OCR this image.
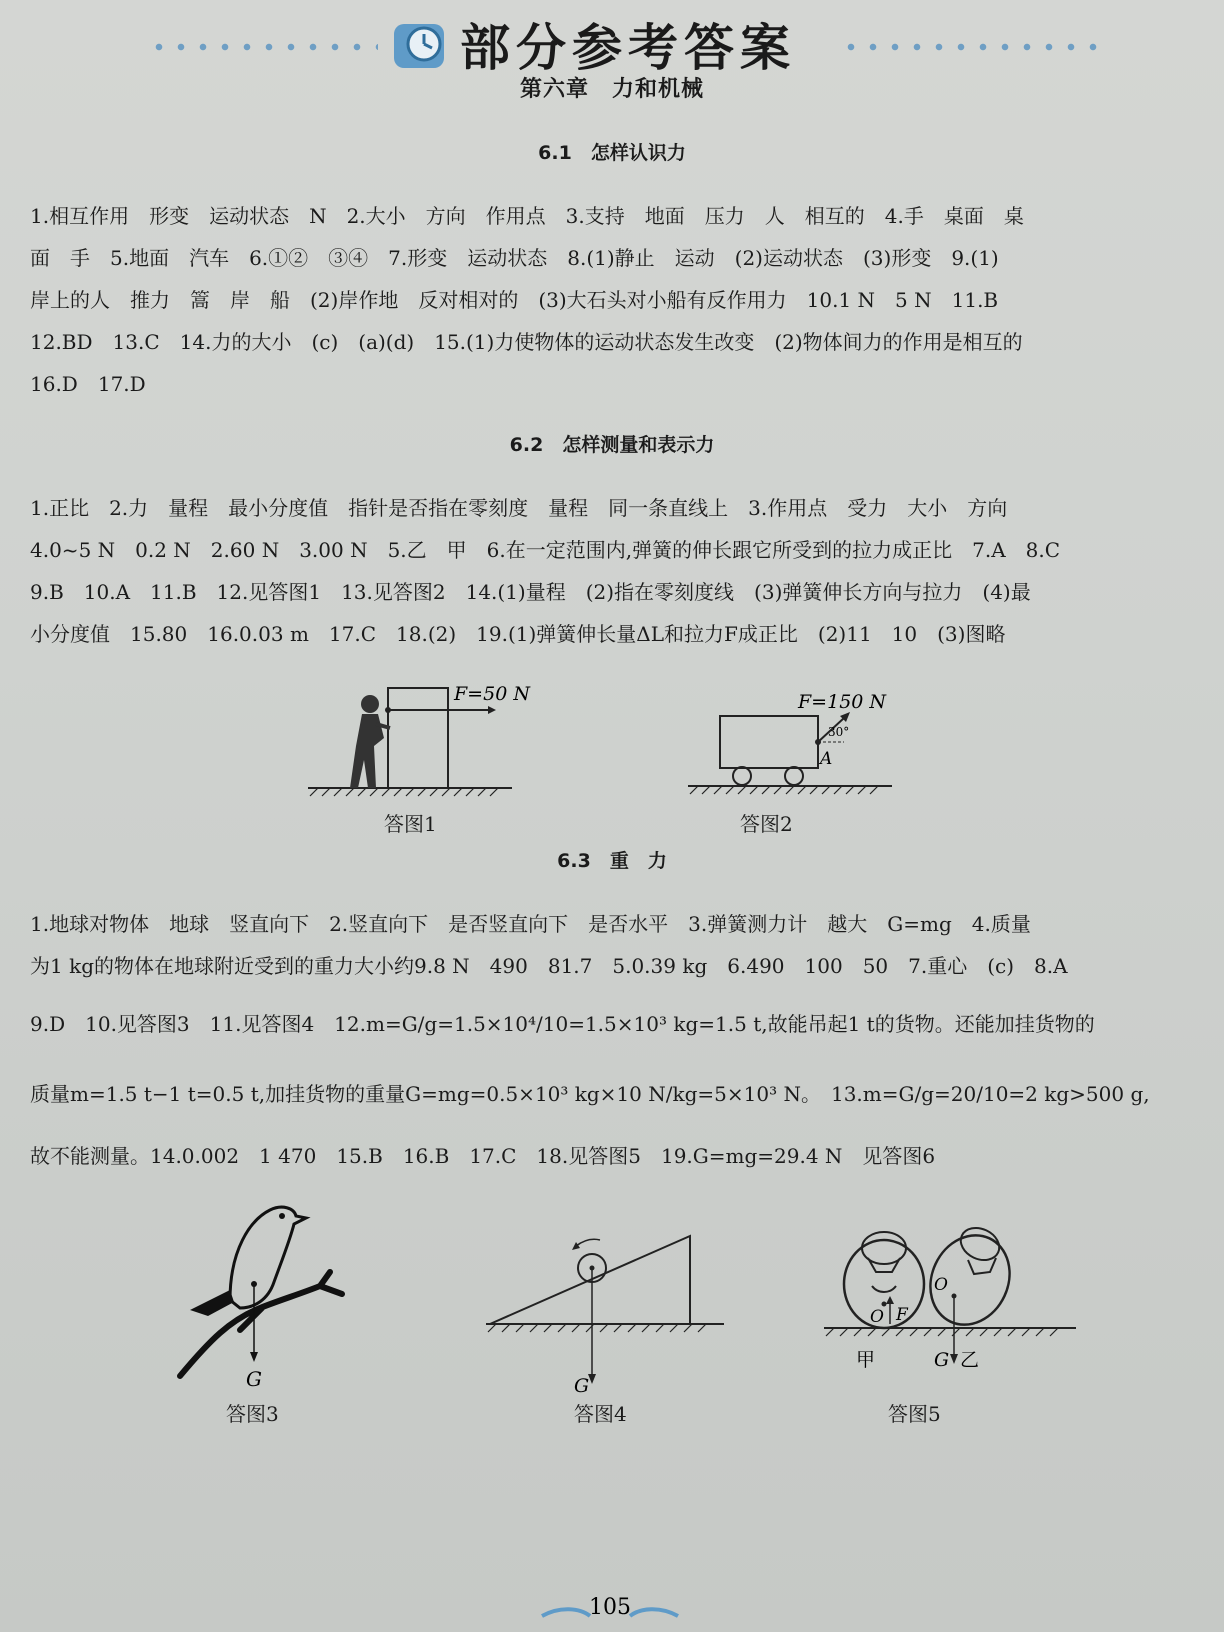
部分参考答案
第六章　力和机械
6.1　怎样认识力
1.相互作用　形变　运动状态　N　2.大小　方向　作用点　3.支持　地面　压力　人　相互的　4.手　桌面　桌
面　手　5.地面　汽车　6.①②　③④　7.形变　运动状态　8.(1)静止　运动　(2)运动状态　(3)形变　9.(1)
岸上的人　推力　篙　岸　船　(2)岸作地　反对相对的　(3)大石头对小船有反作用力　10.1 N　5 N　11.B
12.BD　13.C　14.力的大小　(c)　(a)(d)　15.(1)力使物体的运动状态发生改变　(2)物体间力的作用是相互的
16.D　17.D
6.2　怎样测量和表示力
1.正比　2.力　量程　最小分度值　指针是否指在零刻度　量程　同一条直线上　3.作用点　受力　大小　方向
4.0~5 N　0.2 N　2.60 N　3.00 N　5.乙　甲　6.在一定范围内,弹簧的伸长跟它所受到的拉力成正比　7.A　8.C
9.B　10.A　11.B　12.见答图1　13.见答图2　14.(1)量程　(2)指在零刻度线　(3)弹簧伸长方向与拉力　(4)最
小分度值　15.80　16.0.03 m　17.C　18.(2)　19.(1)弹簧伸长量ΔL和拉力F成正比　(2)11　10　(3)图略
F=50 N
答图1
A
30°
F=150 N
答图2
6.3　重　力
1.地球对物体　地球　竖直向下　2.竖直向下　是否竖直向下　是否水平　3.弹簧测力计　越大　G=mg　4.质量
为1 kg的物体在地球附近受到的重力大小约9.8 N　490　81.7　5.0.39 kg　6.490　100　50　7.重心　(c)　8.A
9.D　10.见答图3　11.见答图4　12.m=G/g=1.5×10⁴/10=1.5×10³ kg=1.5 t,故能吊起1 t的货物。还能加挂货物的
质量m=1.5 t−1 t=0.5 t,加挂货物的重量G=mg=0.5×10³ kg×10 N/kg=5×10³ N。　13.m=G/g=20/10=2 kg>500 g,
故不能测量。14.0.002　1 470　15.B　16.B　17.C　18.见答图5　19.G=mg=29.4 N　见答图6
G
答图3
G
答图4
O F
O
甲	G 乙
答图5
105
